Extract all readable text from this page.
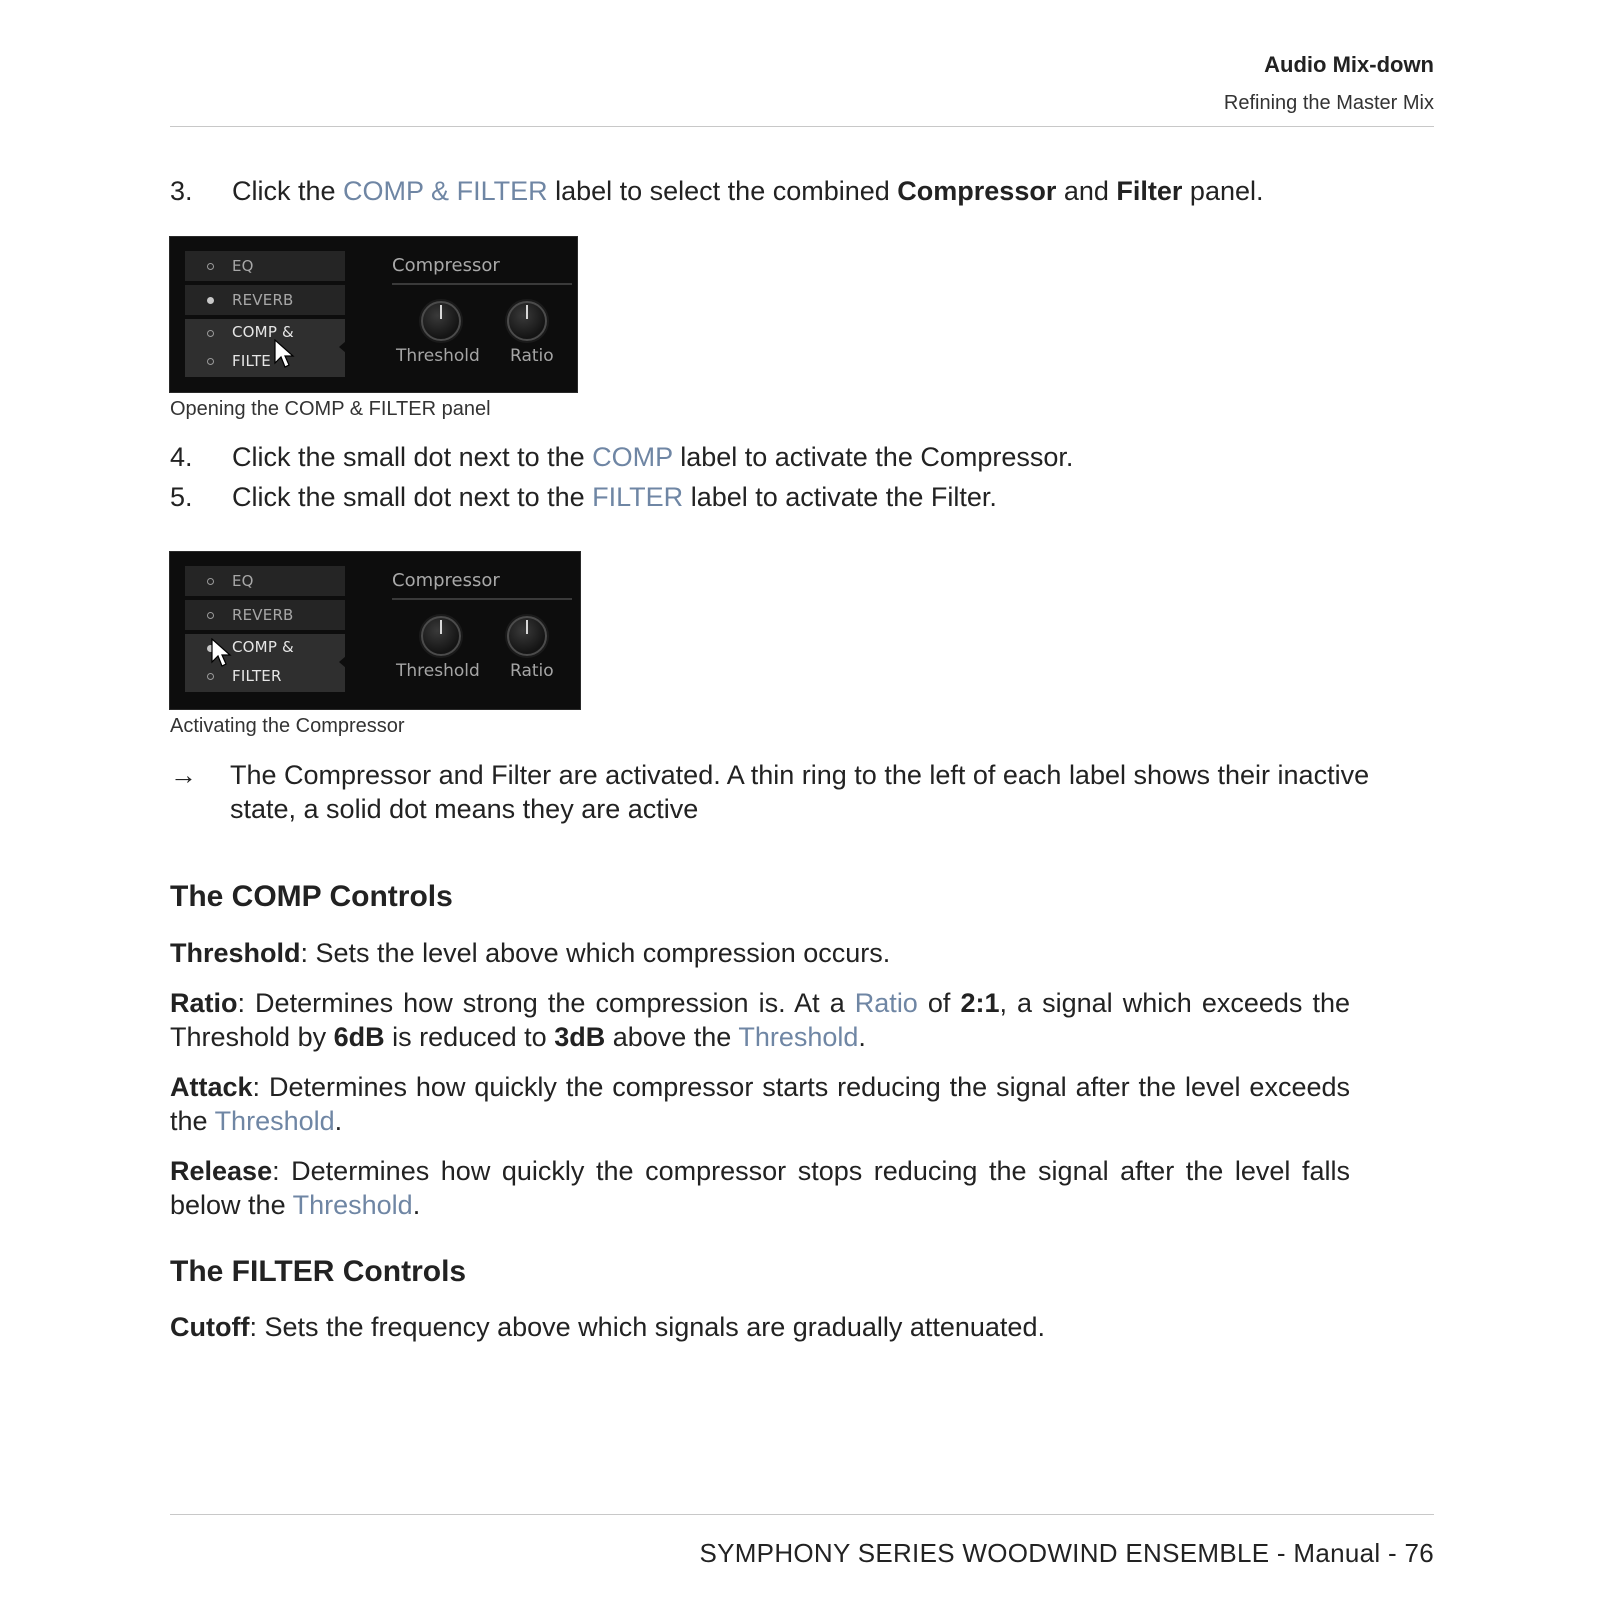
Audio Mix-down
Refining the Master Mix
3. Click the COMP & FILTER label to select the combined Compressor and Filter panel.
EQ
REVERB
COMP &
FILTE
Compressor
Threshold Ratio
Opening the COMP & FILTER panel
4. Click the small dot next to the COMP label to activate the Compressor.
5. Click the small dot next to the FILTER label to activate the Filter.
EQ
REVERB
COMP &
FILTER
Compressor
Threshold Ratio
Activating the Compressor
→ The Compressor and Filter are activated. A thin ring to the left of each label shows their inactive state, a solid dot means they are active
The COMP Controls
Threshold: Sets the level above which compression occurs.
Ratio: Determines how strong the compression is. At a Ratio of 2:1, a signal which exceeds the Threshold by 6dB is reduced to 3dB above the Threshold.
Attack: Determines how quickly the compressor starts reducing the signal after the level exceeds the Threshold.
Release: Determines how quickly the compressor stops reducing the signal after the level falls below the Threshold.
The FILTER Controls
Cutoff: Sets the frequency above which signals are gradually attenuated.
SYMPHONY SERIES WOODWIND ENSEMBLE - Manual - 76
